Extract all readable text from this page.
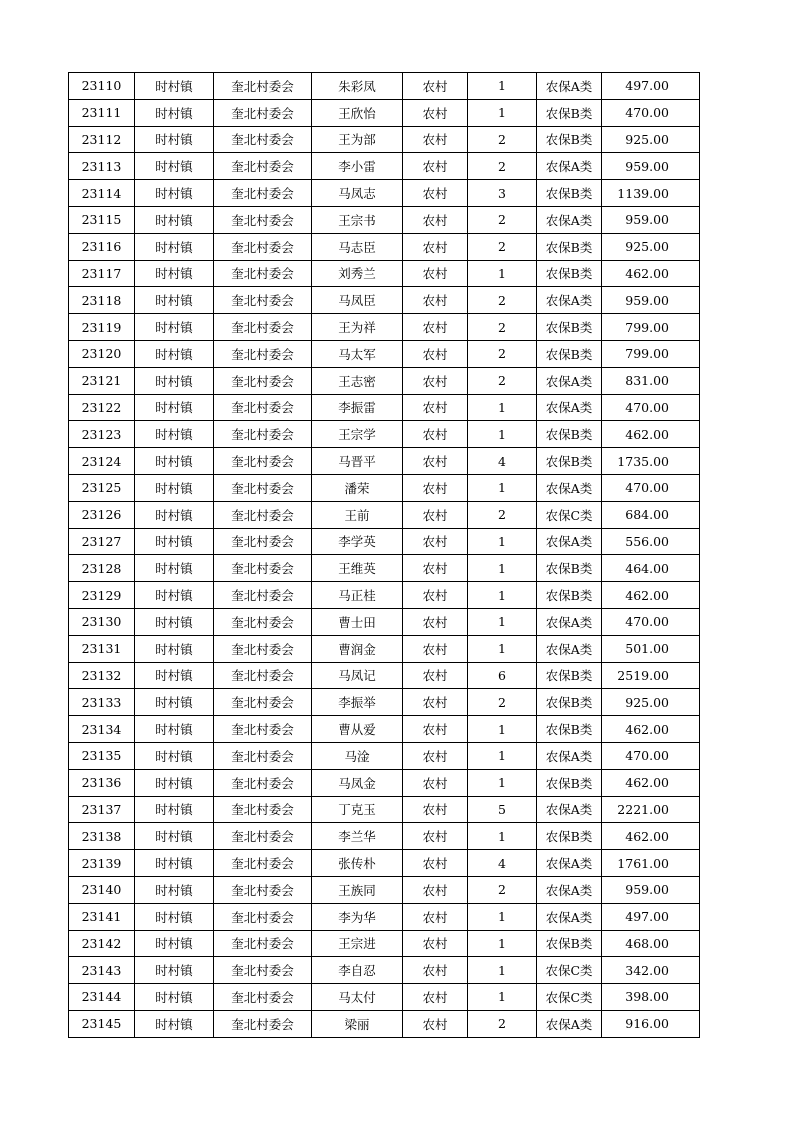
23110	时村镇	奎北村委会	朱彩凤	农村	1	农保A类	497.00
23111	时村镇	奎北村委会	王欣怡	农村	1	农保B类	470.00
23112	时村镇	奎北村委会	王为部	农村	2	农保B类	925.00
23113	时村镇	奎北村委会	李小雷	农村	2	农保A类	959.00
23114	时村镇	奎北村委会	马凤志	农村	3	农保B类	1139.00
23115	时村镇	奎北村委会	王宗书	农村	2	农保A类	959.00
23116	时村镇	奎北村委会	马志臣	农村	2	农保B类	925.00
23117	时村镇	奎北村委会	刘秀兰	农村	1	农保B类	462.00
23118	时村镇	奎北村委会	马凤臣	农村	2	农保A类	959.00
23119	时村镇	奎北村委会	王为祥	农村	2	农保B类	799.00
23120	时村镇	奎北村委会	马太军	农村	2	农保B类	799.00
23121	时村镇	奎北村委会	王志密	农村	2	农保A类	831.00
23122	时村镇	奎北村委会	李振雷	农村	1	农保A类	470.00
23123	时村镇	奎北村委会	王宗学	农村	1	农保B类	462.00
23124	时村镇	奎北村委会	马晋平	农村	4	农保B类	1735.00
23125	时村镇	奎北村委会	潘荣	农村	1	农保A类	470.00
23126	时村镇	奎北村委会	王前	农村	2	农保C类	684.00
23127	时村镇	奎北村委会	李学英	农村	1	农保A类	556.00
23128	时村镇	奎北村委会	王维英	农村	1	农保B类	464.00
23129	时村镇	奎北村委会	马正桂	农村	1	农保B类	462.00
23130	时村镇	奎北村委会	曹士田	农村	1	农保A类	470.00
23131	时村镇	奎北村委会	曹润金	农村	1	农保A类	501.00
23132	时村镇	奎北村委会	马凤记	农村	6	农保B类	2519.00
23133	时村镇	奎北村委会	李振举	农村	2	农保B类	925.00
23134	时村镇	奎北村委会	曹从爱	农村	1	农保B类	462.00
23135	时村镇	奎北村委会	马淦	农村	1	农保A类	470.00
23136	时村镇	奎北村委会	马凤金	农村	1	农保B类	462.00
23137	时村镇	奎北村委会	丁克玉	农村	5	农保A类	2221.00
23138	时村镇	奎北村委会	李兰华	农村	1	农保B类	462.00
23139	时村镇	奎北村委会	张传朴	农村	4	农保A类	1761.00
23140	时村镇	奎北村委会	王族同	农村	2	农保A类	959.00
23141	时村镇	奎北村委会	李为华	农村	1	农保A类	497.00
23142	时村镇	奎北村委会	王宗进	农村	1	农保B类	468.00
23143	时村镇	奎北村委会	李自忍	农村	1	农保C类	342.00
23144	时村镇	奎北村委会	马太付	农村	1	农保C类	398.00
23145	时村镇	奎北村委会	梁丽	农村	2	农保A类	916.00
